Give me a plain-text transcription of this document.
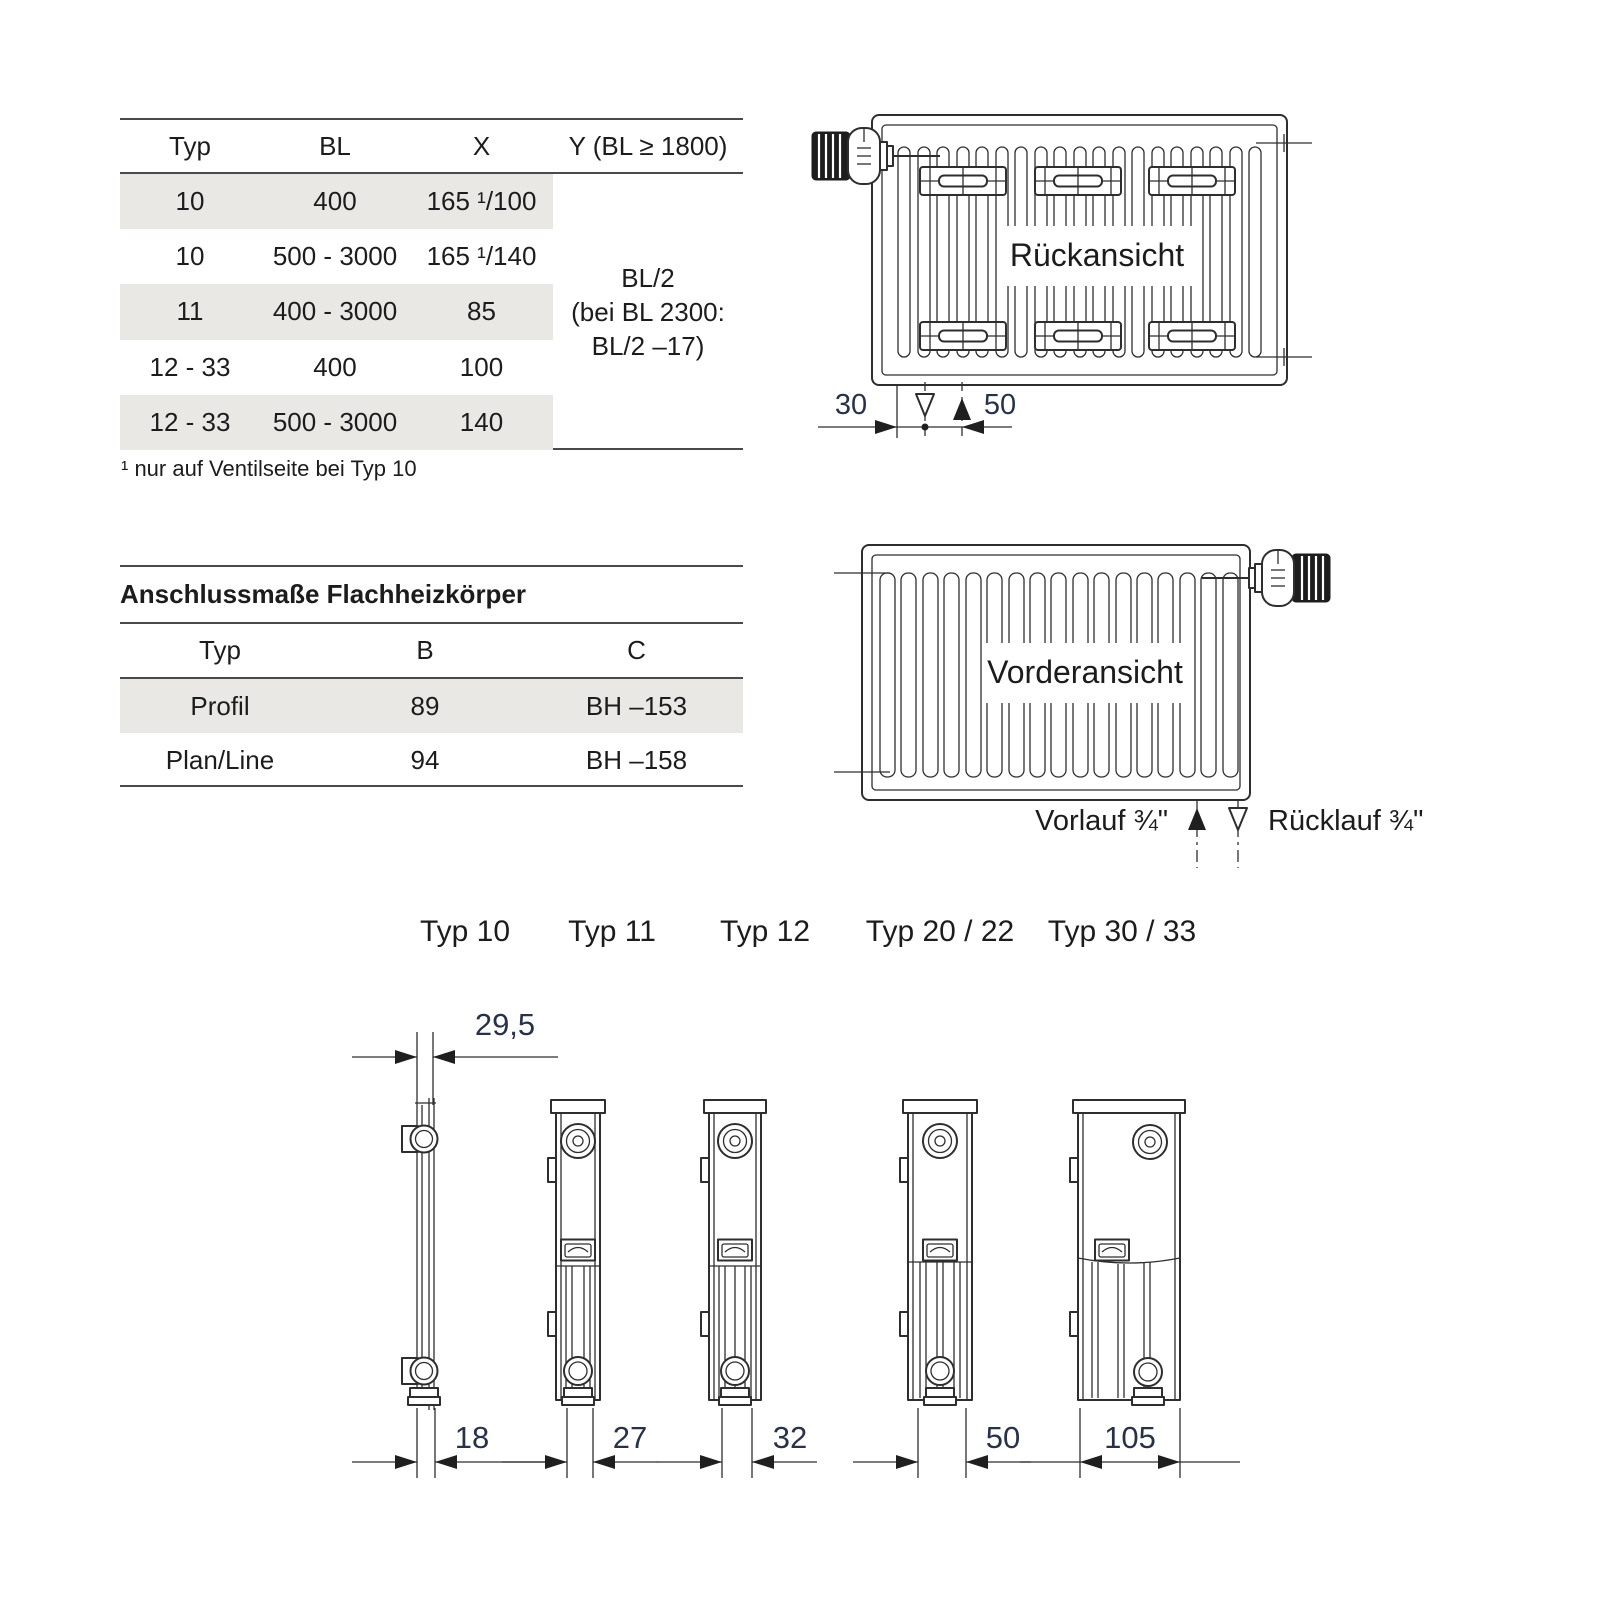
Typ	BL	X	Y (BL ≥ 1800)
10	400	165 ¹/100
10	500 - 3000	165 ¹/140
11	400 - 3000	85
12 - 33	400	100
12 - 33	500 - 3000	140
BL/2
(bei BL 2300:
BL/2 –17)
¹ nur auf Ventilseite bei Typ 10
Anschlussmaße Flachheizkörper
Typ	B	C
Profil	89	BH –153
Plan/Line	94	BH –158
Rückansicht
30	50
Vorderansicht
Vorlauf ¾"	Rücklauf ¾"
Typ 10 Typ 11 Typ 12 Typ 20 / 22 Typ 30 / 33
29,5
18	27	32	50	105
